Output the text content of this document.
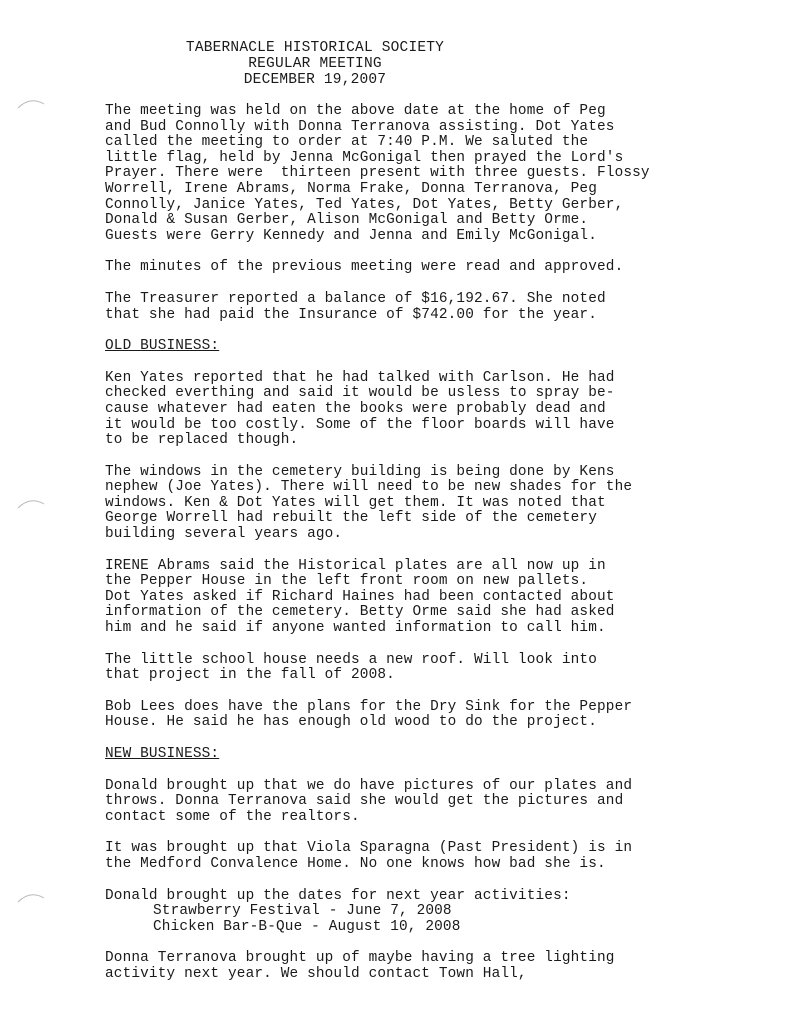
TABERNACLE HISTORICAL SOCIETY
REGULAR MEETING
DECEMBER 19,2007
The meeting was held on the above date at the home of Peg
and Bud Connolly with Donna Terranova assisting. Dot Yates
called the meeting to order at 7:40 P.M. We saluted the
little flag, held by Jenna McGonigal then prayed the Lord's
Prayer. There were  thirteen present with three guests. Flossy
Worrell, Irene Abrams, Norma Frake, Donna Terranova, Peg
Connolly, Janice Yates, Ted Yates, Dot Yates, Betty Gerber,
Donald & Susan Gerber, Alison McGonigal and Betty Orme.
Guests were Gerry Kennedy and Jenna and Emily McGonigal.
The minutes of the previous meeting were read and approved.
The Treasurer reported a balance of $16,192.67. She noted
that she had paid the Insurance of $742.00 for the year.
OLD BUSINESS:
Ken Yates reported that he had talked with Carlson. He had
checked everthing and said it would be usless to spray be-
cause whatever had eaten the books were probably dead and
it would be too costly. Some of the floor boards will have
to be replaced though.
The windows in the cemetery building is being done by Kens
nephew (Joe Yates). There will need to be new shades for the
windows. Ken & Dot Yates will get them. It was noted that
George Worrell had rebuilt the left side of the cemetery
building several years ago.
IRENE Abrams said the Historical plates are all now up in
the Pepper House in the left front room on new pallets.
Dot Yates asked if Richard Haines had been contacted about
information of the cemetery. Betty Orme said she had asked
him and he said if anyone wanted information to call him.
The little school house needs a new roof. Will look into
that project in the fall of 2008.
Bob Lees does have the plans for the Dry Sink for the Pepper
House. He said he has enough old wood to do the project.
NEW BUSINESS:
Donald brought up that we do have pictures of our plates and
throws. Donna Terranova said she would get the pictures and
contact some of the realtors.
It was brought up that Viola Sparagna (Past President) is in
the Medford Convalence Home. No one knows how bad she is.
Donald brought up the dates for next year activities:
Strawberry Festival - June 7, 2008
Chicken Bar-B-Que - August 10, 2008
Donna Terranova brought up of maybe having a tree lighting
activity next year. We should contact Town Hall,
